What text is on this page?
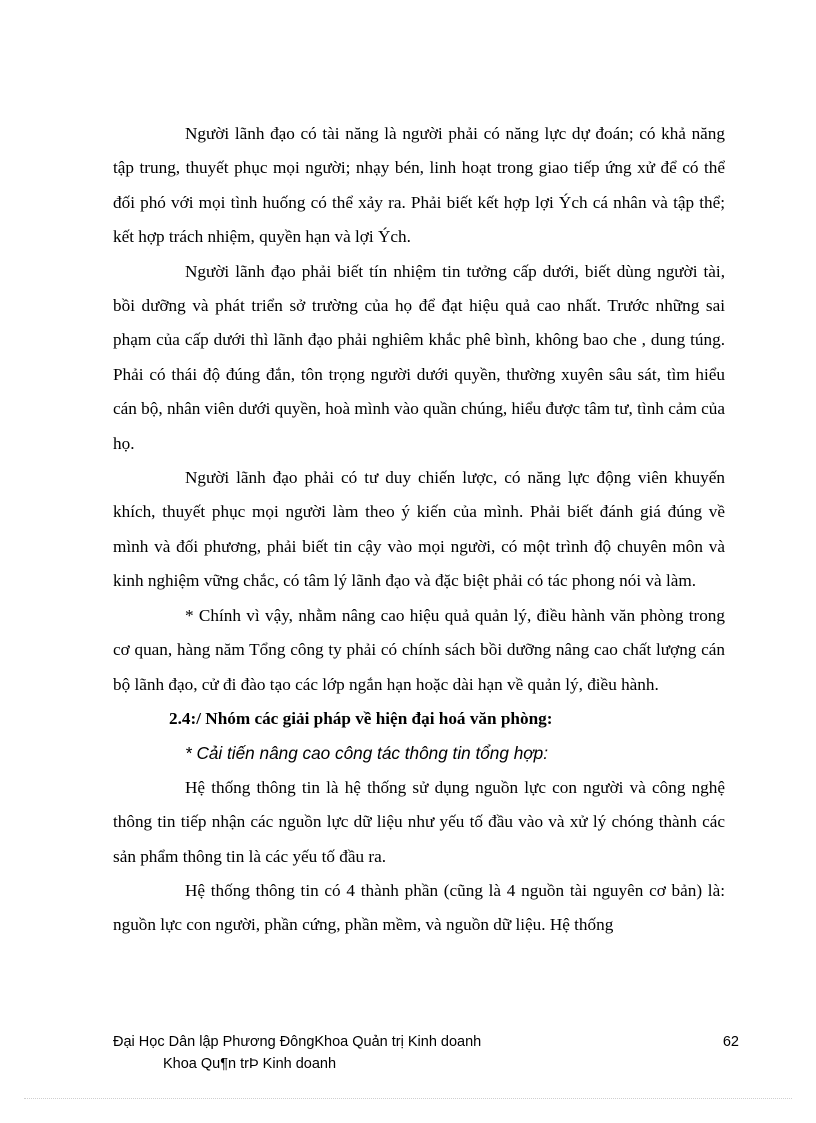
Người lãnh đạo có tài năng là người phải có năng lực dự đoán; có khả năng tập trung, thuyết phục mọi người; nhạy bén, linh hoạt trong giao tiếp ứng xử để có thể đối phó với mọi tình huống có thể xảy ra. Phải biết kết hợp lợi Ých cá nhân và tập thể; kết hợp trách nhiệm, quyền hạn và lợi Ých.

Người lãnh đạo phải biết tín nhiệm tin tưởng cấp dưới, biết dùng người tài, bồi dưỡng và phát triển sở trường của họ để đạt hiệu quả cao nhất. Trước những sai phạm của cấp dưới thì lãnh đạo phải nghiêm khắc phê bình, không bao che , dung túng. Phải có thái độ đúng đắn, tôn trọng người dưới quyền, thường xuyên sâu sát, tìm hiểu cán bộ, nhân viên dưới quyền, hoà mình vào quần chúng, hiểu được tâm tư, tình cảm của họ.

Người lãnh đạo phải có tư duy chiến lược, có năng lực động viên khuyến khích, thuyết phục mọi người làm theo ý kiến của mình. Phải biết đánh giá đúng về mình và đối phương, phải biết tin cậy vào mọi người, có một trình độ chuyên môn và kinh nghiệm vững chắc, có tâm lý lãnh đạo và đặc biệt phải có tác phong nói và làm.

* Chính vì vậy, nhằm nâng cao hiệu quả quản lý, điều hành văn phòng trong cơ quan, hàng năm Tổng công ty phải có chính sách bồi dưỡng nâng cao chất lượng cán bộ lãnh đạo, cử đi đào tạo các lớp ngắn hạn hoặc dài hạn về quản lý, điều hành.

2.4:/ Nhóm các giải pháp về hiện đại hoá văn phòng:

* Cải tiến nâng cao công tác thông tin tổng hợp:

Hệ thống thông tin là hệ thống sử dụng nguồn lực con người và công nghệ thông tin tiếp nhận các nguồn lực dữ liệu như yếu tố đầu vào và xử lý chóng thành các sản phẩm thông tin là các yếu tố đầu ra.

Hệ thống thông tin có 4 thành phần (cũng là 4 nguồn tài nguyên cơ bản) là: nguồn lực con người, phần cứng, phần mềm, và nguồn dữ liệu. Hệ thống

Đại Học Dân lập Phương ĐôngKhoa Quản trị Kinh doanh	62
Khoa Qu¶n trÞ Kinh doanh
